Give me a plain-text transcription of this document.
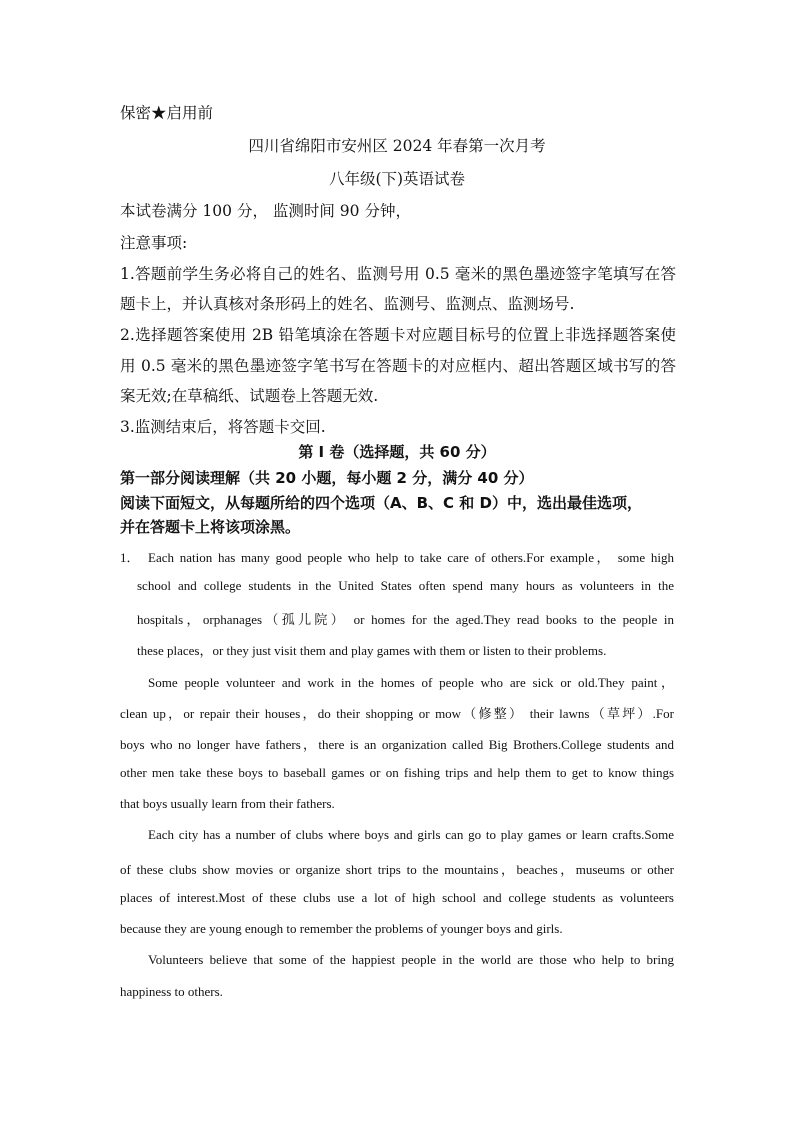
保密★启用前
四川省绵阳市安州区 2024 年春第一次月考
八年级(下)英语试卷
本试卷满分 100 分， 监测时间 90 分钟，
注意事项:
1.答题前学生务必将自己的姓名、监测号用 0.5 毫米的黑色墨迹签字笔填写在答
题卡上，并认真核对条形码上的姓名、监测号、监测点、监测场号.
2.选择题答案使用 2B 铅笔填涂在答题卡对应题目标号的位置上非选择题答案使
用 0.5 毫米的黑色墨迹签字笔书写在答题卡的对应框内、超出答题区域书写的答
案无效;在草稿纸、试题卷上答题无效.
3.监测结束后，将答题卡交回.
第 I 卷（选择题，共 60 分）
第一部分阅读理解（共 20 小题，每小题 2 分，满分 40 分）
阅读下面短文，从每题所给的四个选项（A、B、C 和 D）中，选出最佳选项，
并在答题卡上将该项涂黑。
1． Each nation has many good people who help to take care of others.For example， some high
school and college students in the United States often spend many hours as volunteers in the
hospitals，orphanages（孤儿院） or homes for the aged.They read books to the people in
these places，or they just visit them and play games with them or listen to their problems.
Some people volunteer and work in the homes of people who are sick or old.They paint，
clean up，or repair their houses，do their shopping or mow（修整） their lawns（草坪）.For
boys who no longer have fathers，there is an organization called Big Brothers.College students and
other men take these boys to baseball games or on fishing trips and help them to get to know things
that boys usually learn from their fathers.
Each city has a number of clubs where boys and girls can go to play games or learn crafts.Some
of these clubs show movies or organize short trips to the mountains，beaches，museums or other
places of interest.Most of these clubs use a lot of high school and college students as volunteers
because they are young enough to remember the problems of younger boys and girls.
Volunteers believe that some of the happiest people in the world are those who help to bring
happiness to others.
